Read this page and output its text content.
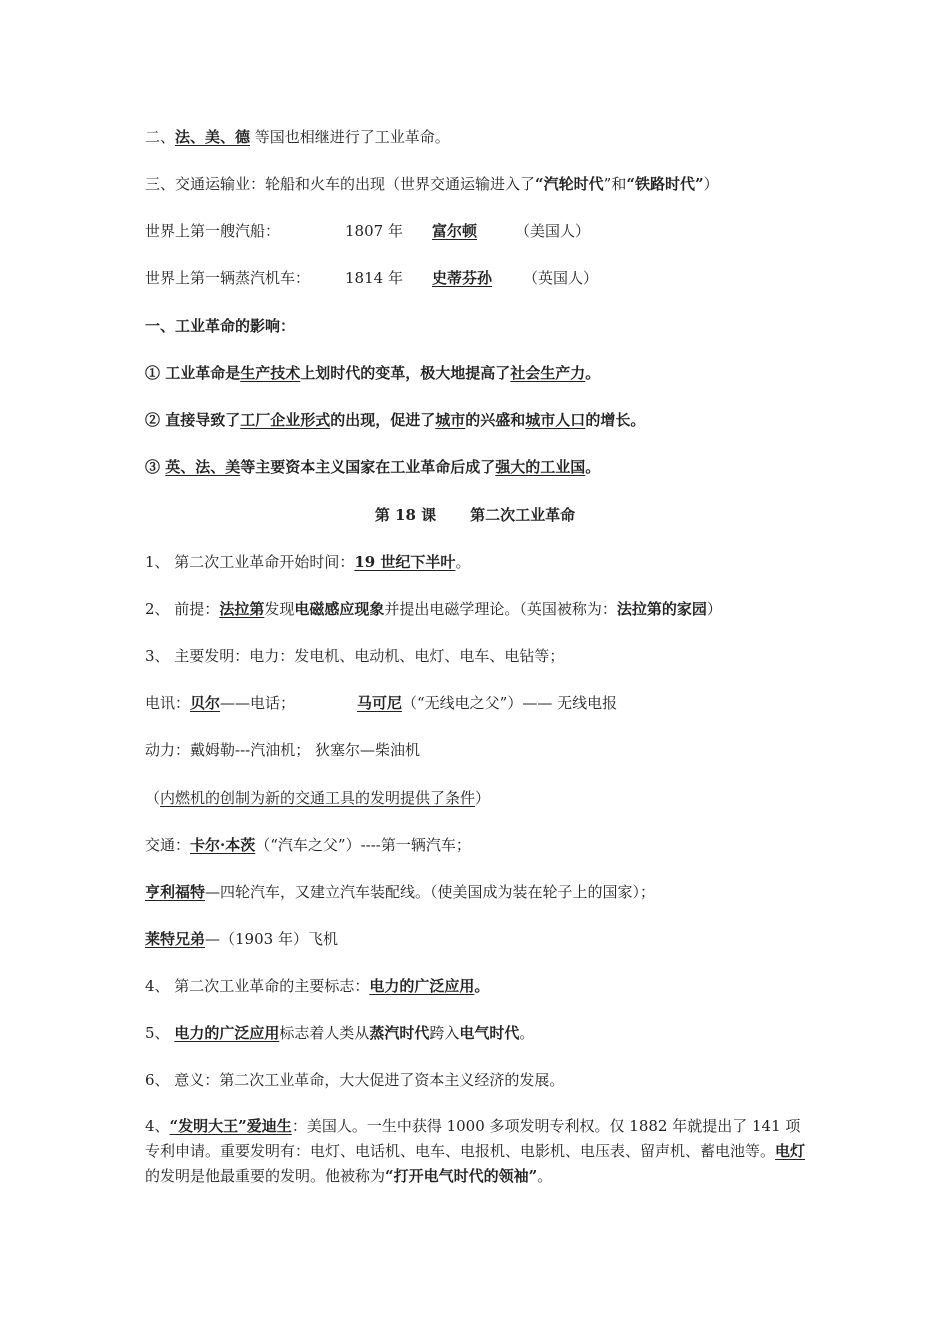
二、法、美、德 等国也相继进行了工业革命。
三、交通运输业：轮船和火车的出现（世界交通运输进入了“汽轮时代”和“铁路时代”）
世界上第一艘汽船：	1807 年 富尔顿	（美国人）
世界上第一辆蒸汽机车： 1814 年 史蒂芬孙 （英国人）
一、工业革命的影响：
① 工业革命是生产技术上划时代的变革，极大地提高了社会生产力。
② 直接导致了工厂企业形式的出现，促进了城市的兴盛和城市人口的增长。
③ 英、法、美等主要资本主义国家在工业革命后成了强大的工业国。
第 18 课 第二次工业革命
1、 第二次工业革命开始时间：19 世纪下半叶。
2、 前提：法拉第发现电磁感应现象并提出电磁学理论。（英国被称为：法拉第的家园）
3、 主要发明：电力：发电机、电动机、电灯、电车、电钻等；
电讯：贝尔——电话；	马可尼（“无线电之父”）—— 无线电报
动力：戴姆勒---汽油机； 狄塞尔—柴油机
（内燃机的创制为新的交通工具的发明提供了条件）
交通：卡尔·本茨（“汽车之父”）----第一辆汽车；
亨利福特—四轮汽车，又建立汽车装配线。（使美国成为装在轮子上的国家）；
莱特兄弟—（1903 年）飞机
4、 第二次工业革命的主要标志：电力的广泛应用。
5、 电力的广泛应用标志着人类从蒸汽时代跨入电气时代。
6、 意义：第二次工业革命，大大促进了资本主义经济的发展。
4、“发明大王”爱迪生：美国人。一生中获得 1000 多项发明专利权。仅 1882 年就提出了 141 项专利申请。重要发明有：电灯、电话机、电车、电报机、电影机、电压表、留声机、蓄电池等。电灯 的发明是他最重要的发明。他被称为“打开电气时代的领袖”。
